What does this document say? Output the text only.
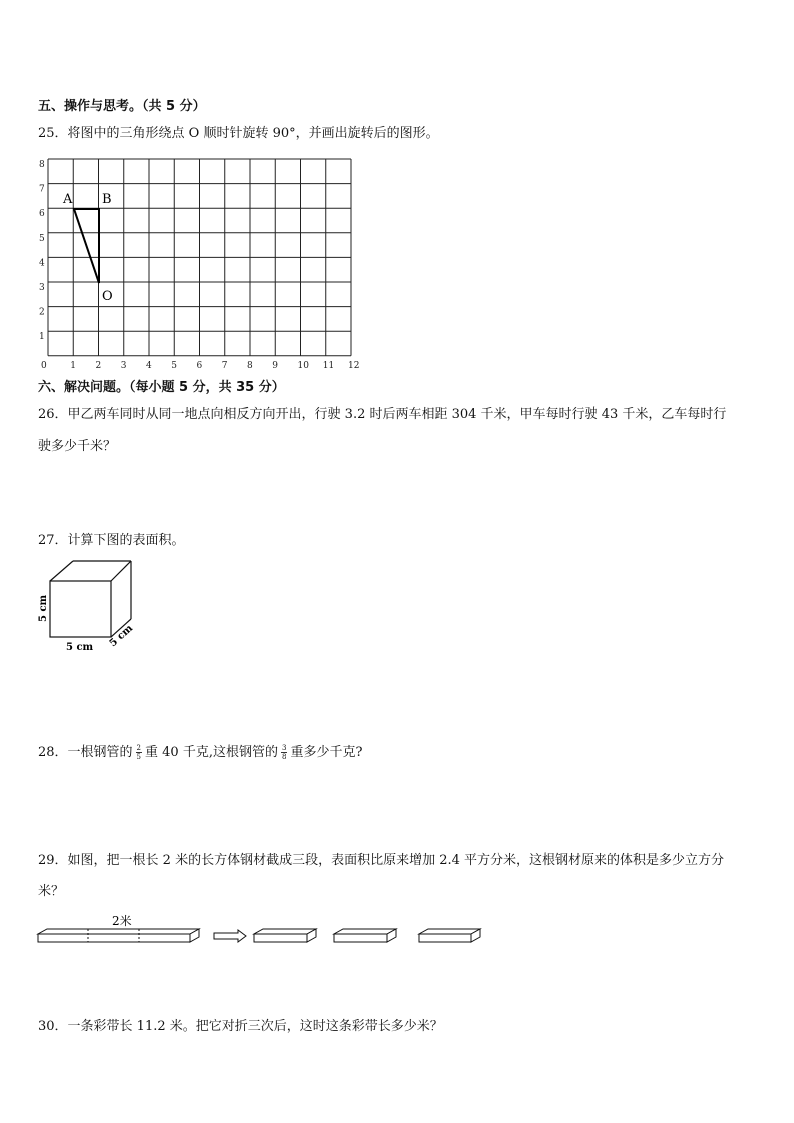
五、操作与思考。（共 5 分）
25．将图中的三角形绕点 O 顺时针旋转 90°，并画出旋转后的图形。
0	1 2 3 4 5 6 7 8 9 10 11 12
8
7
6
5
4
3
2
1
A B
O
六、解决问题。（每小题 5 分，共 35 分）
26．甲乙两车同时从同一地点向相反方向开出，行驶 3.2 时后两车相距 304 千米，甲车每时行驶 43 千米，乙车每时行
驶多少千米？
27．计算下图的表面积。
5 cm
5 cm 5 cm
28．一根钢管的 $\frac{2}{5}$ 重 40 千克,这根钢管的 $\frac{3}{8}$ 重多少千克?
29．如图，把一根长 2 米的长方体钢材截成三段，表面积比原来增加 2.4 平方分米，这根钢材原来的体积是多少立方分
米？
2米
30．一条彩带长 11.2 米。把它对折三次后，这时这条彩带长多少米？
